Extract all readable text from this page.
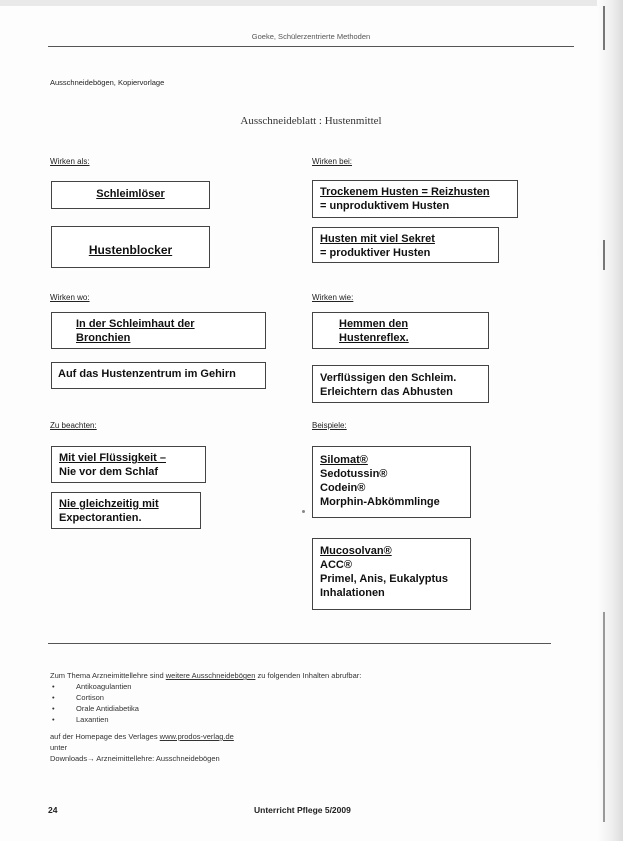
Goeke, Schülerzentrierte Methoden
Ausschneidebögen, Kopiervorlage
Ausschneideblatt : Hustenmittel
Wirken als:	Wirken bei:
Schleimlöser
Hustenblocker
Trockenem Husten = Reizhusten
= unproduktivem Husten
Husten mit viel Sekret
= produktiver Husten
Wirken wo:	Wirken wie:
In der Schleimhaut der
Bronchien
Auf das Hustenzentrum im Gehirn
Hemmen den
Hustenreflex.
Verflüssigen den Schleim.
Erleichtern das Abhusten
Zu beachten:	Beispiele:
Mit viel Flüssigkeit –
Nie vor dem Schlaf
Nie gleichzeitig mit
Expectorantien.
Silomat®
Sedotussin®
Codein®
Morphin-Abkömmlinge
Mucosolvan®
ACC®
Primel, Anis, Eukalyptus
Inhalationen
Zum Thema Arzneimittellehre sind weitere Ausschneidebögen zu folgenden Inhalten abrufbar:
• Antikoagulantien
• Cortison
• Orale Antidiabetika
• Laxantien
auf der Homepage des Verlages www.prodos-verlag.de
unter
Downloads→ Arzneimittellehre: Ausschneidebögen
24	Unterricht Pflege 5/2009
